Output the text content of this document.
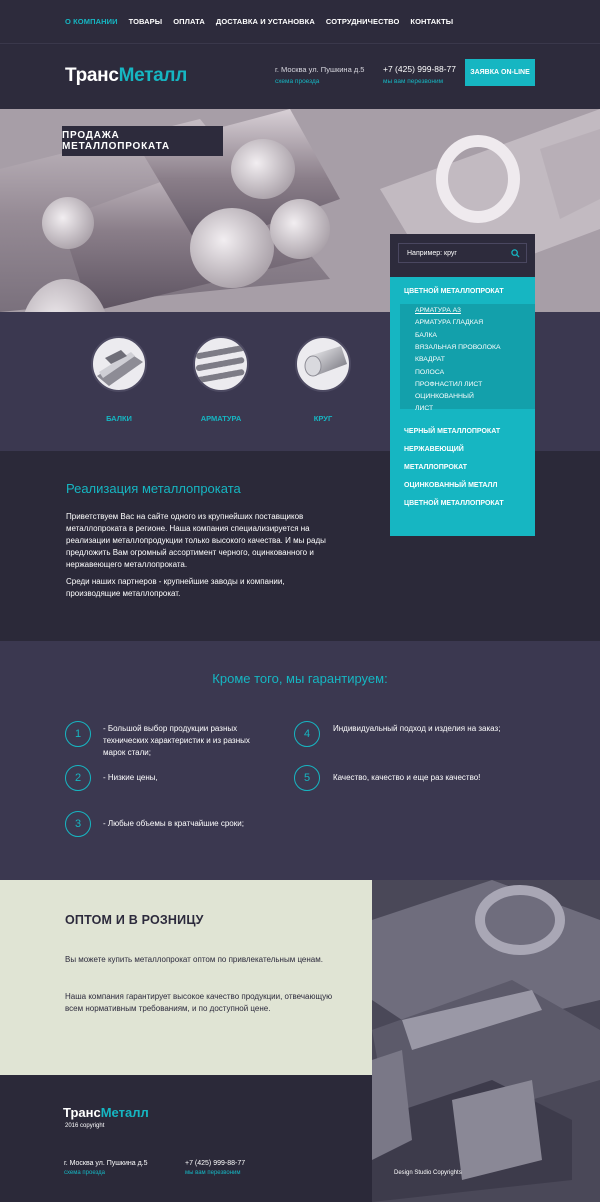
О КОМПАНИИ ТОВАРЫ ОПЛАТА ДОСТАВКА И УСТАНОВКА СОТРУДНИЧЕСТВО КОНТАКТЫ
ТрансМеталл	г. Москва ул. Пушкина д.5
схема проезда
+7 (425) 999-88-77
мы вам перезвоним
ЗАЯВКА ON-LINE
ПРОДАЖА МЕТАЛЛОПРОКАТА
БАЛКИ	АРМАТУРА	КРУГ
Например: круг
ЦВЕТНОЙ МЕТАЛЛОПРОКАТ
АРМАТУРА А3
АРМАТУРА ГЛАДКАЯ
БАЛКА
ВЯЗАЛЬНАЯ ПРОВОЛОКА
КВАДРАТ
ПОЛОСА
ПРОФНАСТИЛ ЛИСТ
ОЦИНКОВАННЫЙ
ЛИСТ
ЧЕРНЫЙ МЕТАЛЛОПРОКАТ
НЕРЖАВЕЮЩИЙ
МЕТАЛЛОПРОКАТ
ОЦИНКОВАННЫЙ МЕТАЛЛ
ЦВЕТНОЙ МЕТАЛЛОПРОКАТ
Реализация металлопроката

Приветствуем Вас на сайте одного из крупнейших поставщиков металлопроката в регионе. Наша компания специализируется на реализации металлопродукции только высокого качества. И мы рады предложить Вам огромный ассортимент черного, оцинкованного и нержавеющего металлопроката.

Среди наших партнеров - крупнейшие заводы и компании, производящие металлопрокат.

Кроме того, мы гарантируем:
1	- Большой выбор продукции разных технических характеристик и из разных марок стали;
2	- Низкие цены,
3	- Любые объемы в кратчайшие сроки;
4	Индивидуальный подход и изделия на заказ;
5	Качество, качество и еще раз качество!
ОПТОМ И В РОЗНИЦУ

Вы можете купить металлопрокат оптом по привлекательным ценам.

Наша компания гарантирует высокое качество продукции, отвечающую всем нормативным требованиям, и по доступной цене.

ТрансМеталл
2016 copyright
г. Москва ул. Пушкина д.5
схема проезда
+7 (425) 999-88-77
мы вам перезвоним	Design Studio Copyrights
